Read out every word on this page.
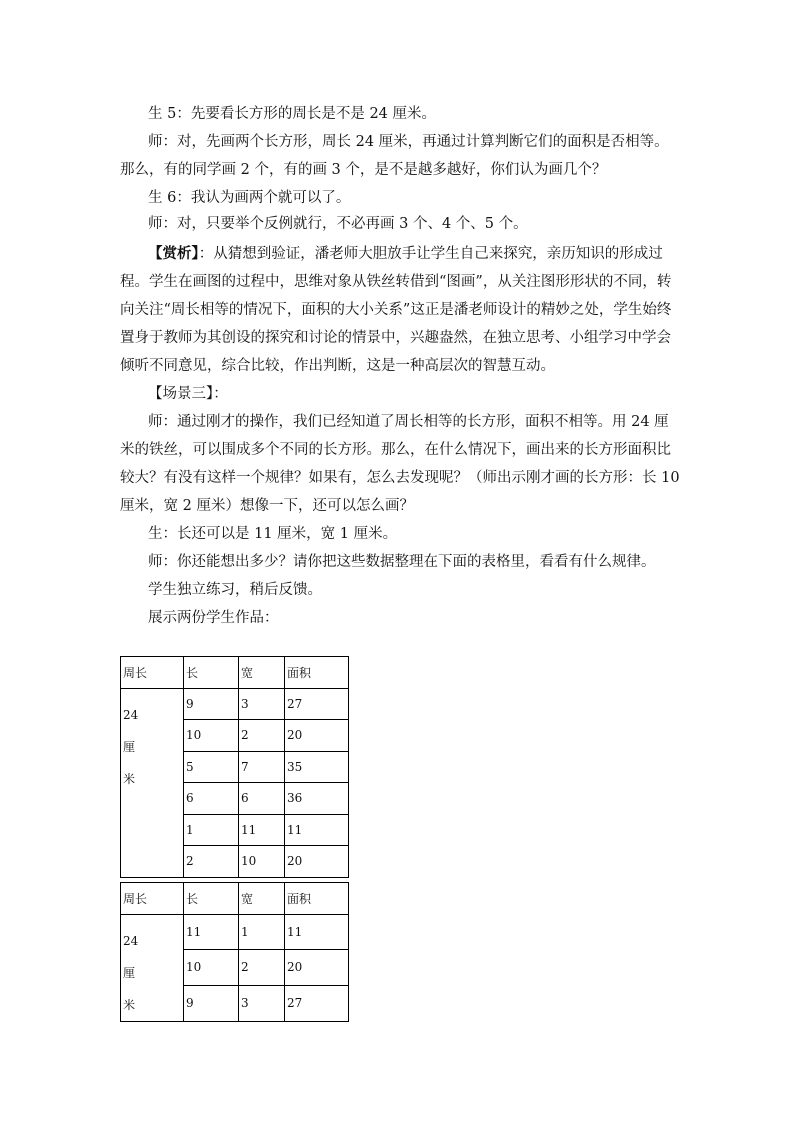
生 5：先要看长方形的周长是不是 24 厘米。
师：对，先画两个长方形，周长 24 厘米，再通过计算判断它们的面积是否相等。
那么，有的同学画 2 个，有的画 3 个，是不是越多越好，你们认为画几个？
生 6：我认为画两个就可以了。
师：对，只要举个反例就行，不必再画 3 个、4 个、5 个。
【赏析】：从猜想到验证，潘老师大胆放手让学生自己来探究，亲历知识的形成过
程。学生在画图的过程中，思维对象从铁丝转借到“图画”，从关注图形形状的不同，转
向关注“周长相等的情况下，面积的大小关系”这正是潘老师设计的精妙之处，学生始终
置身于教师为其创设的探究和讨论的情景中，兴趣盎然，在独立思考、小组学习中学会
倾听不同意见，综合比较，作出判断，这是一种高层次的智慧互动。
【场景三】：
师：通过刚才的操作，我们已经知道了周长相等的长方形，面积不相等。用 24 厘
米的铁丝，可以围成多个不同的长方形。那么，在什么情况下，画出来的长方形面积比
较大？有没有这样一个规律？如果有，怎么去发现呢？（师出示刚才画的长方形：长 10
厘米，宽 2 厘米）想像一下，还可以怎么画？
生：长还可以是 11 厘米，宽 1 厘米。
师：你还能想出多少？请你把这些数据整理在下面的表格里，看看有什么规律。
学生独立练习，稍后反馈。
展示两份学生作品：
周长	长	宽	面积

24
厘
米	9	3	27
	10	2	20
	5	7	35
	6	6	36
	1	11	11
	2	10	20
周长	长	宽	面积

24
厘
米	11	1	11
	10	2	20
	9	3	27
